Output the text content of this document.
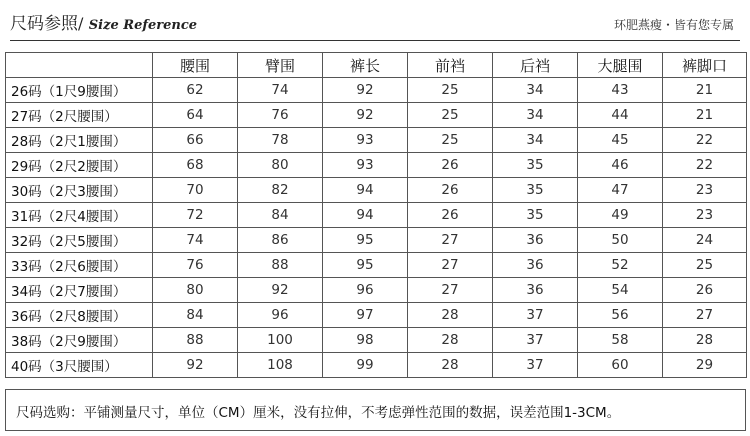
尺码参照/ Size Reference	环肥燕瘦・皆有您专属
	腰围	臂围	裤长	前裆	后裆	大腿围	裤脚口
26码（1尺9腰围）	62	74	92	25	34	43	21
27码（2尺腰围）	64	76	92	25	34	44	21
28码（2尺1腰围）	66	78	93	25	34	45	22
29码（2尺2腰围）	68	80	93	26	35	46	22
30码（2尺3腰围）	70	82	94	26	35	47	23
31码（2尺4腰围）	72	84	94	26	35	49	23
32码（2尺5腰围）	74	86	95	27	36	50	24
33码（2尺6腰围）	76	88	95	27	36	52	25
34码（2尺7腰围）	80	92	96	27	36	54	26
36码（2尺8腰围）	84	96	97	28	37	56	27
38码（2尺9腰围）	88	100	98	28	37	58	28
40码（3尺腰围）	92	108	99	28	37	60	29
尺码选购：平铺测量尺寸，单位（CM）厘米，没有拉伸，不考虑弹性范围的数据，误差范围1-3CM。
